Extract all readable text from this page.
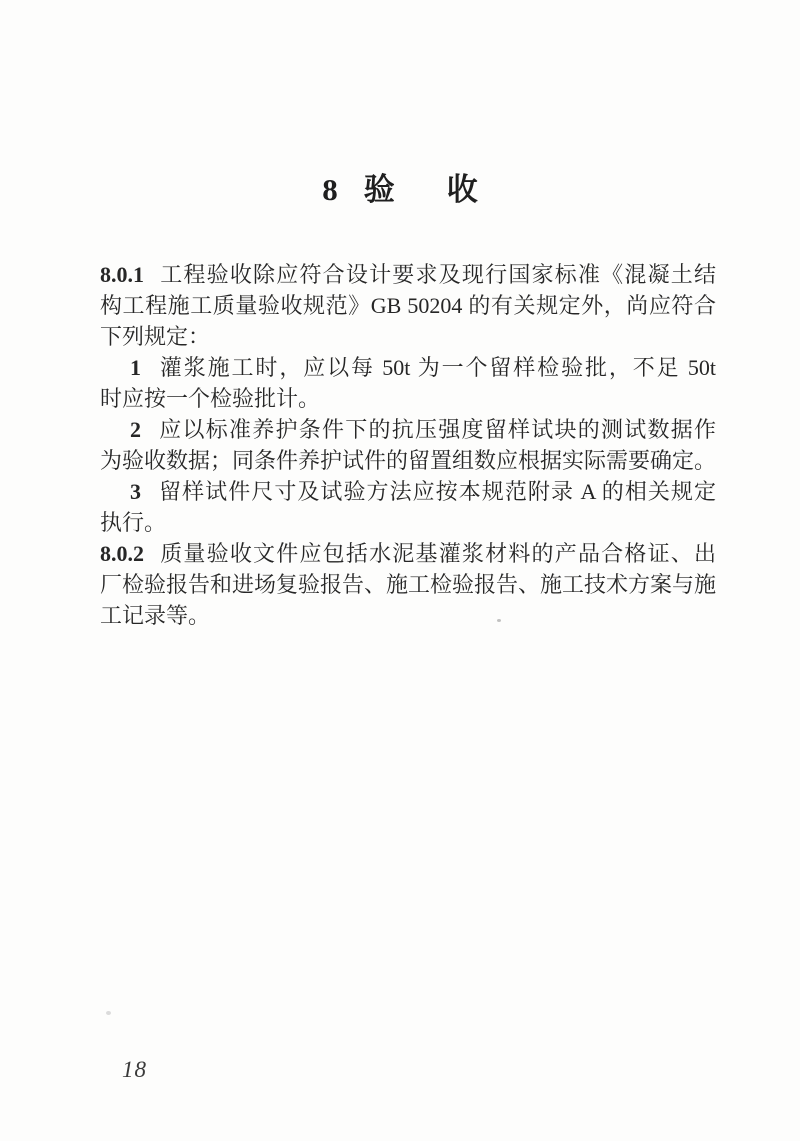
8 验 收
8.0.1 工程验收除应符合设计要求及现行国家标准《混凝土结
构工程施工质量验收规范》GB 50204 的有关规定外，尚应符合
下列规定：
1 灌浆施工时，应以每 50t 为一个留样检验批，不足 50t
时应按一个检验批计。
2 应以标准养护条件下的抗压强度留样试块的测试数据作
为验收数据；同条件养护试件的留置组数应根据实际需要确定。
3 留样试件尺寸及试验方法应按本规范附录 A 的相关规定
执行。
8.0.2 质量验收文件应包括水泥基灌浆材料的产品合格证、出
厂检验报告和进场复验报告、施工检验报告、施工技术方案与施
工记录等。
18
